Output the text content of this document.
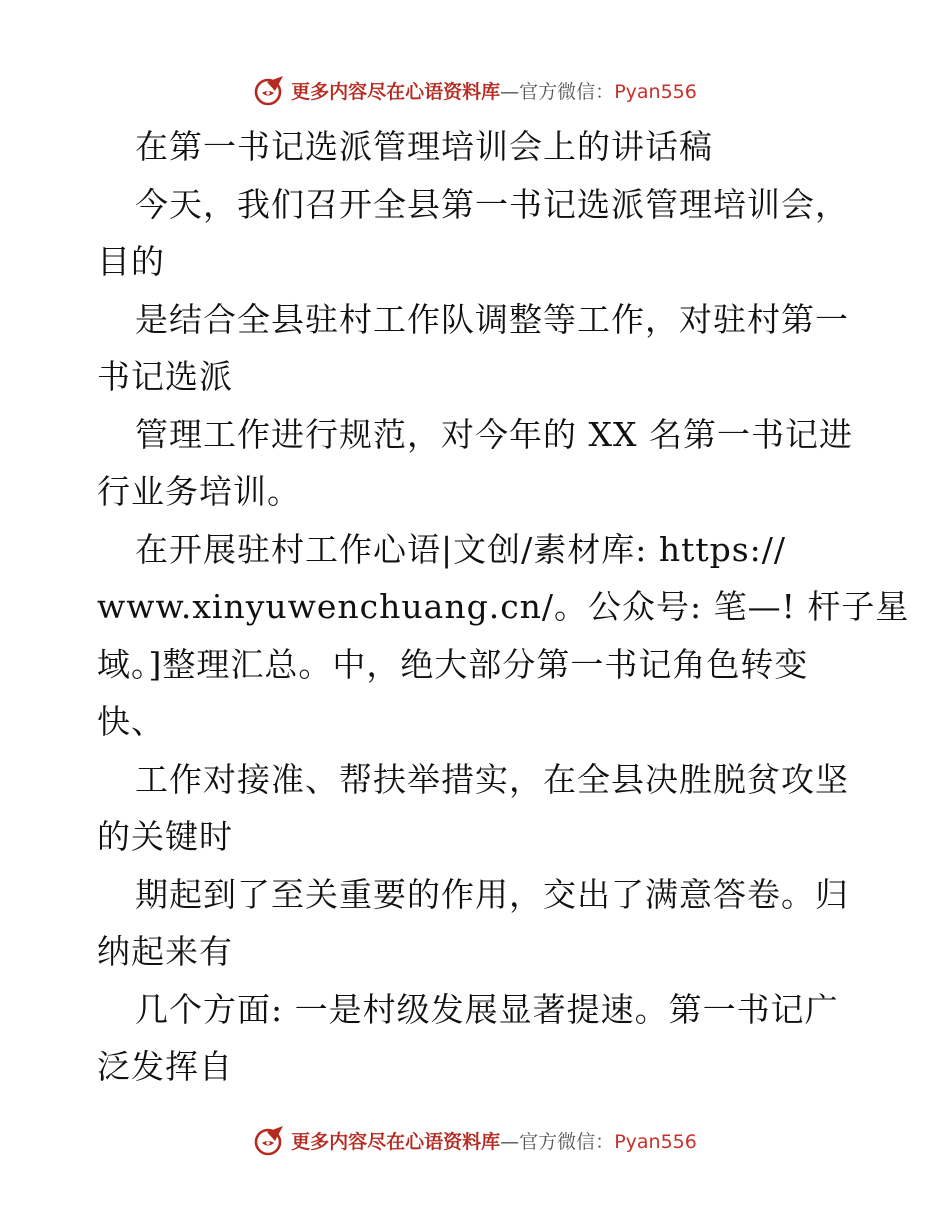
更多内容尽在心语资料库—官方微信：Pyan556
在第一书记选派管理培训会上的讲话稿
今天，我们召开全县第一书记选派管理培训会，
目的
是结合全县驻村工作队调整等工作，对驻村第一
书记选派
管理工作进行规范，对今年的 XX 名第一书记进
行业务培训。
在开展驻村工作心语|文创/素材库: https://
www.xinyuwenchuang.cn/。公众号: 笔—! 杆子星
域。]整理汇总。中，绝大部分第一书记角色转变
快、
工作对接准、帮扶举措实，在全县决胜脱贫攻坚
的关键时
期起到了至关重要的作用，交出了满意答卷。归
纳起来有
几个方面: 一是村级发展显著提速。第一书记广
泛发挥自
更多内容尽在心语资料库—官方微信：Pyan556
